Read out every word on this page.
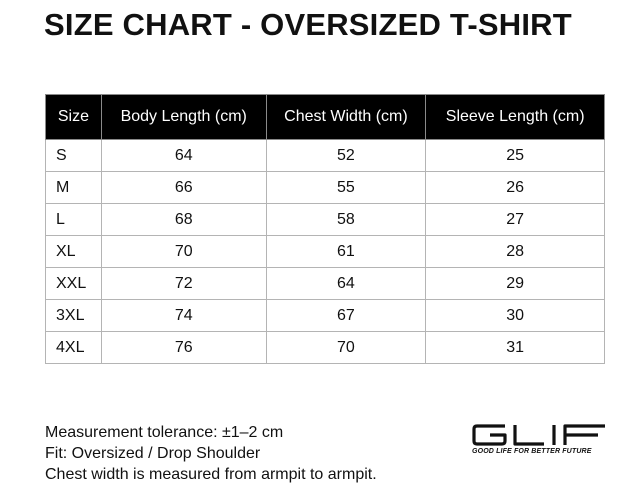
SIZE CHART - OVERSIZED T-SHIRT
Size	Body Length (cm)	Chest Width (cm)	Sleeve Length (cm)
S	64	52	25
M	66	55	26
L	68	58	27
XL	70	61	28
XXL	72	64	29
3XL	74	67	30
4XL	76	70	31
Measurement tolerance: ±1–2 cm
Fit: Oversized / Drop Shoulder
Chest width is measured from armpit to armpit.
GOOD LIFE FOR BETTER FUTURE
